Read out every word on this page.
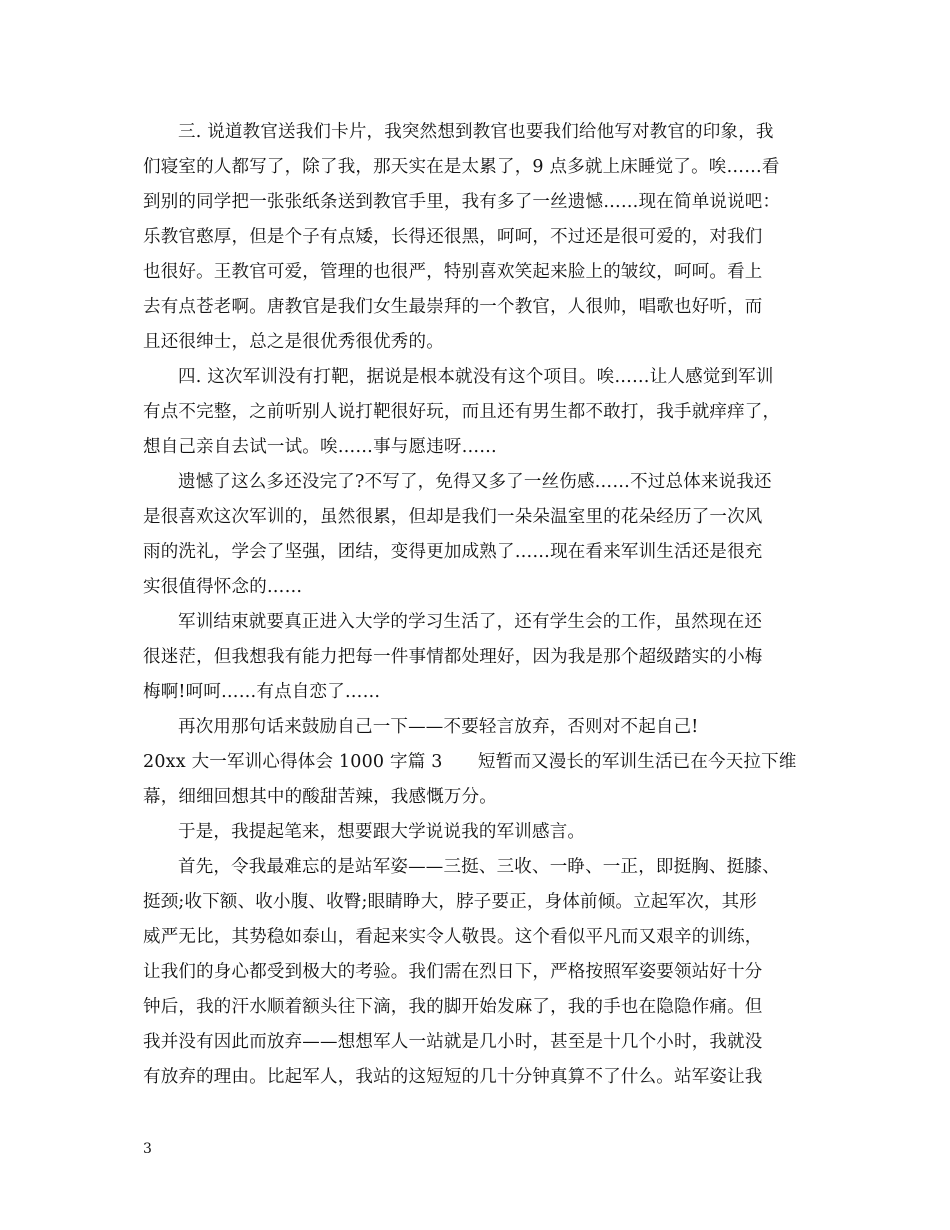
三. 说道教官送我们卡片，我突然想到教官也要我们给他写对教官的印象，我
们寝室的人都写了，除了我，那天实在是太累了，9 点多就上床睡觉了。唉……看
到别的同学把一张张纸条送到教官手里，我有多了一丝遗憾……现在简单说说吧：
乐教官憨厚，但是个子有点矮，长得还很黑，呵呵，不过还是很可爱的，对我们
也很好。王教官可爱，管理的也很严，特别喜欢笑起来脸上的皱纹，呵呵。看上
去有点苍老啊。唐教官是我们女生最崇拜的一个教官，人很帅，唱歌也好听，而
且还很绅士，总之是很优秀很优秀的。
四. 这次军训没有打靶，据说是根本就没有这个项目。唉……让人感觉到军训
有点不完整，之前听别人说打靶很好玩，而且还有男生都不敢打，我手就痒痒了，
想自己亲自去试一试。唉……事与愿违呀……
遗憾了这么多还没完了?不写了，免得又多了一丝伤感……不过总体来说我还
是很喜欢这次军训的，虽然很累，但却是我们一朵朵温室里的花朵经历了一次风
雨的洗礼，学会了坚强，团结，变得更加成熟了……现在看来军训生活还是很充
实很值得怀念的……
军训结束就要真正进入大学的学习生活了，还有学生会的工作，虽然现在还
很迷茫，但我想我有能力把每一件事情都处理好，因为我是那个超级踏实的小梅
梅啊!呵呵……有点自恋了……
再次用那句话来鼓励自己一下——不要轻言放弃，否则对不起自己!
20xx 大一军训心得体会 1000 字篇 3　　短暂而又漫长的军训生活已在今天拉下维
幕，细细回想其中的酸甜苦辣，我感慨万分。
于是，我提起笔来，想要跟大学说说我的军训感言。
首先，令我最难忘的是站军姿——三挺、三收、一睁、一正，即挺胸、挺膝、
挺颈;收下额、收小腹、收臀;眼睛睁大，脖子要正，身体前倾。立起军次，其形
威严无比，其势稳如泰山，看起来实令人敬畏。这个看似平凡而又艰辛的训练，
让我们的身心都受到极大的考验。我们需在烈日下，严格按照军姿要领站好十分
钟后，我的汗水顺着额头往下滴，我的脚开始发麻了，我的手也在隐隐作痛。但
我并没有因此而放弃——想想军人一站就是几小时，甚至是十几个小时，我就没
有放弃的理由。比起军人，我站的这短短的几十分钟真算不了什么。站军姿让我
3
